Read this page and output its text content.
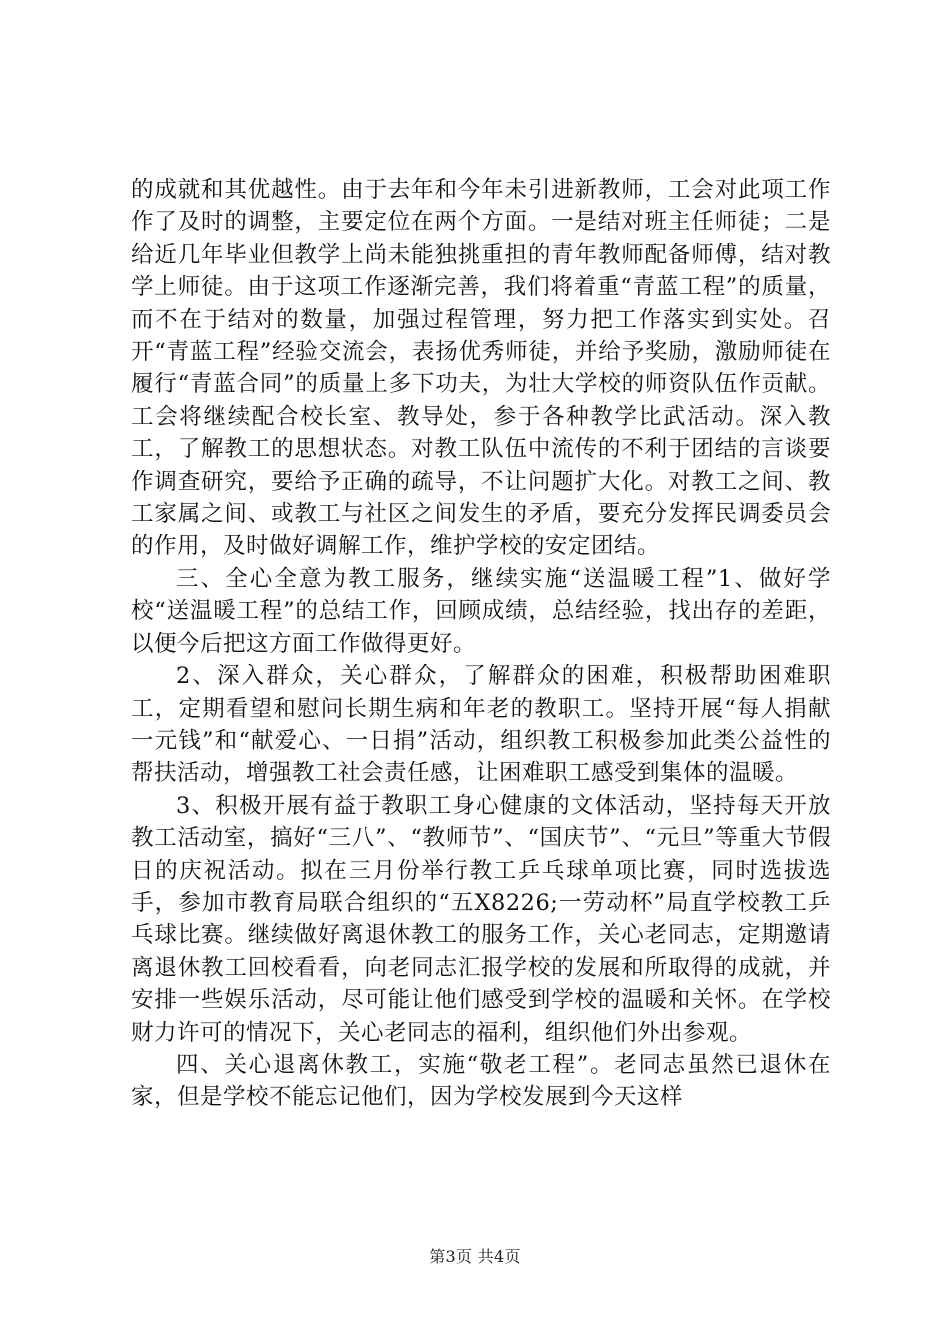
的成就和其优越性。由于去年和今年未引进新教师，工会对此项工作作了及时的调整，主要定位在两个方面。一是结对班主任师徒；二是给近几年毕业但教学上尚未能独挑重担的青年教师配备师傅，结对教学上师徒。由于这项工作逐渐完善，我们将着重“青蓝工程”的质量，而不在于结对的数量，加强过程管理，努力把工作落实到实处。召开“青蓝工程”经验交流会，表扬优秀师徒，并给予奖励，激励师徒在履行“青蓝合同”的质量上多下功夫，为壮大学校的师资队伍作贡献。工会将继续配合校长室、教导处，参于各种教学比武活动。深入教工，了解教工的思想状态。对教工队伍中流传的不利于团结的言谈要作调查研究，要给予正确的疏导，不让问题扩大化。对教工之间、教工家属之间、或教工与社区之间发生的矛盾，要充分发挥民调委员会的作用，及时做好调解工作，维护学校的安定团结。

三、全心全意为教工服务，继续实施“送温暖工程”1、做好学校“送温暖工程”的总结工作，回顾成绩，总结经验，找出存的差距，以便今后把这方面工作做得更好。

2、深入群众，关心群众，了解群众的困难，积极帮助困难职工，定期看望和慰问长期生病和年老的教职工。坚持开展“每人捐献一元钱”和“献爱心、一日捐”活动，组织教工积极参加此类公益性的帮扶活动，增强教工社会责任感，让困难职工感受到集体的温暖。

3、积极开展有益于教职工身心健康的文体活动，坚持每天开放教工活动室，搞好“三八”、“教师节”、“国庆节”、“元旦”等重大节假日的庆祝活动。拟在三月份举行教工乒乓球单项比赛，同时选拔选手，参加市教育局联合组织的“五X8226;一劳动杯”局直学校教工乒乓球比赛。继续做好离退休教工的服务工作，关心老同志，定期邀请离退休教工回校看看，向老同志汇报学校的发展和所取得的成就，并安排一些娱乐活动，尽可能让他们感受到学校的温暖和关怀。在学校财力许可的情况下，关心老同志的福利，组织他们外出参观。

四、关心退离休教工，实施“敬老工程”。老同志虽然已退休在家，但是学校不能忘记他们，因为学校发展到今天这样

第3页 共4页
